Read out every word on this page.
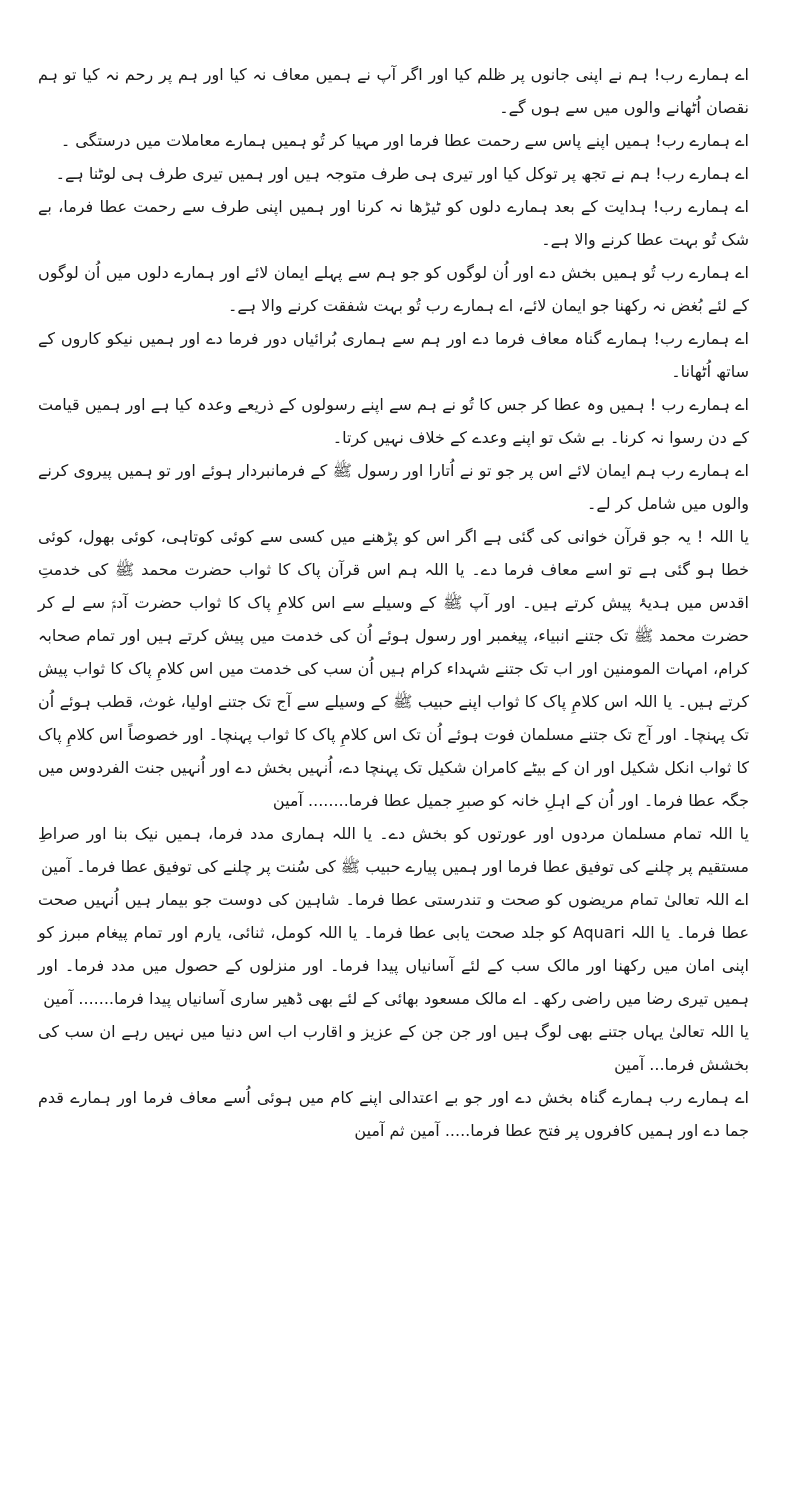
اے ہمارے رب! ہم نے اپنی جانوں پر ظلم کیا اور اگر آپ نے ہمیں معاف نہ کیا اور ہم پر رحم نہ کیا تو ہم نقصان اُٹھانے والوں میں سے ہوں گے۔

اے ہمارے رب! ہمیں اپنے پاس سے رحمت عطا فرما اور مہیا کر تُو ہمیں ہمارے معاملات میں درستگی ۔

اے ہمارے رب! ہم نے تجھ پر توکل کیا اور تیری ہی طرف متوجہ ہیں اور ہمیں تیری طرف ہی لوٹنا ہے۔

اے ہمارے رب! ہدایت کے بعد ہمارے دلوں کو ٹیڑھا نہ کرنا اور ہمیں اپنی طرف سے رحمت عطا فرما، بے شک تُو بہت عطا کرنے والا ہے۔

اے ہمارے رب تُو ہمیں بخش دے اور اُن لوگوں کو جو ہم سے پہلے ایمان لائے اور ہمارے دلوں میں اُن لوگوں کے لئے بُغض نہ رکھنا جو ایمان لائے، اے ہمارے رب تُو بہت شفقت کرنے والا ہے۔

اے ہمارے رب! ہمارے گناہ معاف فرما دے اور ہم سے ہماری بُرائیاں دور فرما دے اور ہمیں نیکو کاروں کے ساتھ اُٹھانا۔

اے ہمارے رب ! ہمیں وہ عطا کر جس کا تُو نے ہم سے اپنے رسولوں کے ذریعے وعدہ کیا ہے اور ہمیں قیامت کے دن رسوا نہ کرنا۔ بے شک تو اپنے وعدے کے خلاف نہیں کرتا۔

اے ہمارے رب ہم ایمان لائے اس پر جو تو نے اُتارا اور رسول ﷺ کے فرمانبردار ہوئے اور تو ہمیں پیروی کرنے والوں میں شامل کر لے۔

یا اللہ ! یہ جو قرآن خوانی کی گئی ہے اگر اس کو پڑھنے میں کسی سے کوئی کوتاہی، کوئی بھول، کوئی خطا ہو گئی ہے تو اسے معاف فرما دے۔ یا اللہ ہم اس قرآن پاک کا ثواب حضرت محمد ﷺ کی خدمتِ اقدس میں ہدیۂ پیش کرتے ہیں۔ اور آپ ﷺ کے وسیلے سے اس کلامِ پاک کا ثواب حضرت آدمؑ سے لے کر حضرت محمد ﷺ تک جتنے انبیاء، پیغمبر اور رسول ہوئے اُن کی خدمت میں پیش کرتے ہیں اور تمام صحابہ کرام، امہات المومنین اور اب تک جتنے شہداء کرام ہیں اُن سب کی خدمت میں اس کلامِ پاک کا ثواب پیش کرتے ہیں۔ یا اللہ اس کلامِ پاک کا ثواب اپنے حبیب ﷺ کے وسیلے سے آج تک جتنے اولیا، غوث، قطب ہوئے اُن تک پہنچا۔ اور آج تک جتنے مسلمان فوت ہوئے اُن تک اس کلامِ پاک کا ثواب پہنچا۔ اور خصوصاً اس کلامِ پاک کا ثواب انکل شکیل اور ان کے بیٹے کامران شکیل تک پہنچا دے، اُنہیں بخش دے اور اُنہیں جنت الفردوس میں جگہ عطا فرما۔ اور اُن کے اہلِ خانہ کو صبرِ جمیل عطا فرما........ آمین

یا اللہ تمام مسلمان مردوں اور عورتوں کو بخش دے۔ یا اللہ ہماری مدد فرما، ہمیں نیک بنا اور صراطِ مستقیم پر چلنے کی توفیق عطا فرما اور ہمیں پیارے حبیب ﷺ کی سُنت پر چلنے کی توفیق عطا فرما۔ آمین

اے اللہ تعالیٰ تمام مریضوں کو صحت و تندرستی عطا فرما۔ شاہین کی دوست جو بیمار ہیں اُنہیں صحت عطا فرما۔ یا اللہ Aquari کو جلد صحت یابی عطا فرما۔ یا اللہ کومل، ثنائی، یارم اور تمام پیغام مبرز کو اپنی امان میں رکھنا اور مالک سب کے لئے آسانیاں پیدا فرما۔ اور منزلوں کے حصول میں مدد فرما۔ اور ہمیں تیری رضا میں راضی رکھ۔ اے مالک مسعود بھائی کے لئے بھی ڈھیر ساری آسانیاں پیدا فرما....... آمین

یا اللہ تعالیٰ یہاں جتنے بھی لوگ ہیں اور جن جن کے عزیز و اقارب اب اس دنیا میں نہیں رہے ان سب کی بخشش فرما... آمین

اے ہمارے رب ہمارے گناہ بخش دے اور جو بے اعتدالی اپنے کام میں ہوئی اُسے معاف فرما اور ہمارے قدم جما دے اور ہمیں کافروں پر فتح عطا فرما..... آمین ثم آمین
